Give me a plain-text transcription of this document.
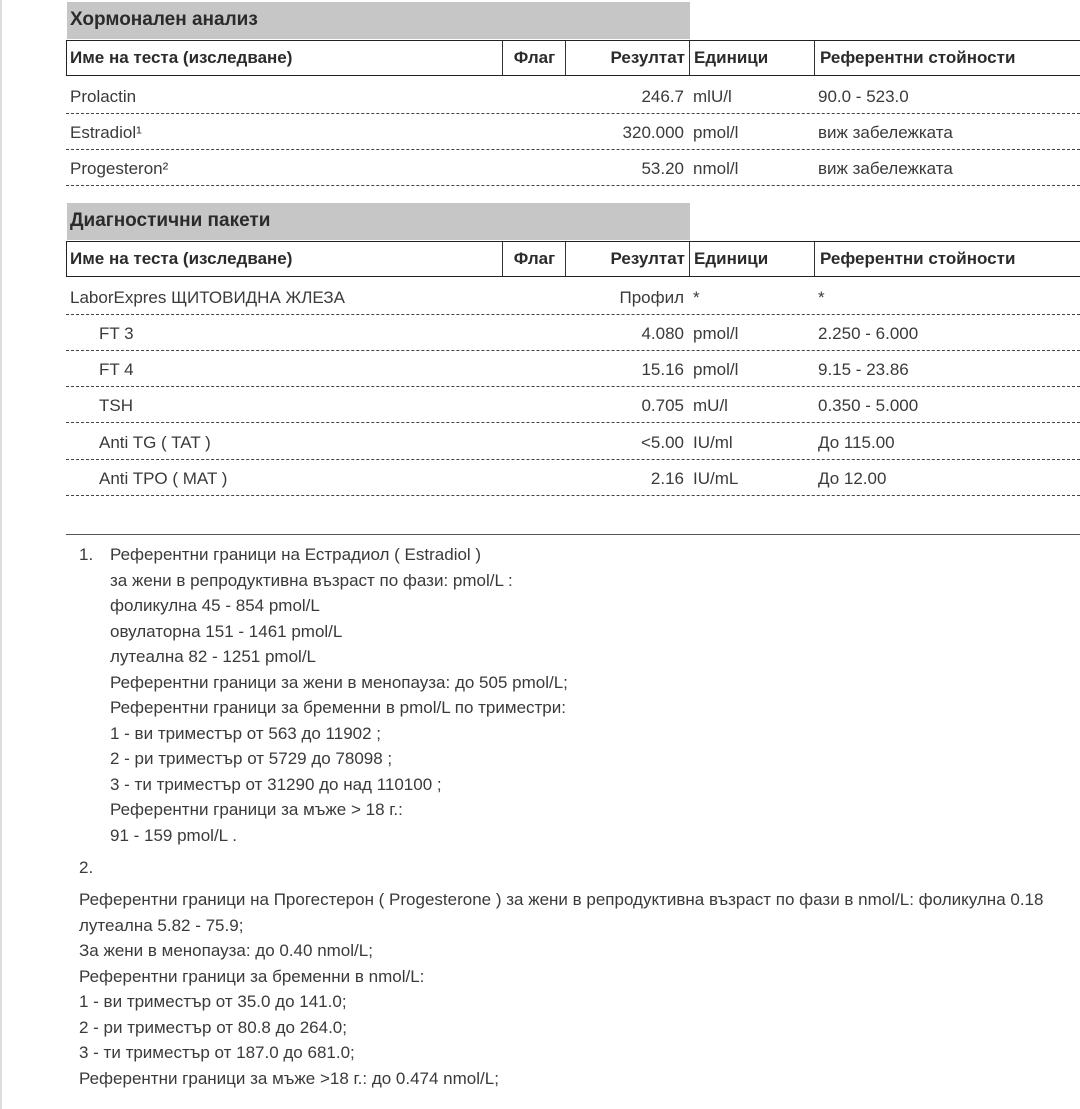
Хормонален анализ
Име на теста (изследване)	Флаг	Резултат Единици	Референтни стойности
Prolactin	246.7 mlU/l	90.0 - 523.0
Estradiol¹	320.000 pmol/l	виж забележката
Progesteron²	53.20 nmol/l	виж забележката
Диагностични пакети
Име на теста (изследване)	Флаг	Резултат Единици	Референтни стойности
LaborExpres ЩИТОВИДНА ЖЛЕЗА	Профил *	*
FT 3	4.080 pmol/l	2.250 - 6.000
FT 4	15.16 pmol/l	9.15 - 23.86
TSH	0.705 mU/l	0.350 - 5.000
Anti TG ( TAT )	<5.00 IU/ml	До 115.00
Anti TPO ( MAT )	2.16 IU/mL	До 12.00
1. Референтни граници на Естрадиол ( Estradiol )
за жени в репродуктивна възраст по фази: pmol/L :
фоликулна 45 - 854 pmol/L
овулаторна 151 - 1461 pmol/L
лутеална 82 - 1251 pmol/L
Референтни граници за жени в менопауза: до 505 pmol/L;
Референтни граници за бременни в pmol/L по триместри:
1 - ви триместър от 563 до 11902 ;
2 - ри триместър от 5729 до 78098 ;
3 - ти триместър от 31290 до над 110100 ;
Референтни граници за мъже > 18 г.:
91 - 159 pmol/L .
2.
Референтни граници на Прогестерон ( Progesterone ) за жени в репродуктивна възраст по фази в nmol/L: фоликулна 0.18
лутеална 5.82 - 75.9;
За жени в менопауза: до 0.40 nmol/L;
Референтни граници за бременни в nmol/L:
1 - ви триместър от 35.0 до 141.0;
2 - ри триместър от 80.8 до 264.0;
3 - ти триместър от 187.0 до 681.0;
Референтни граници за мъже >18 г.: до 0.474 nmol/L;
